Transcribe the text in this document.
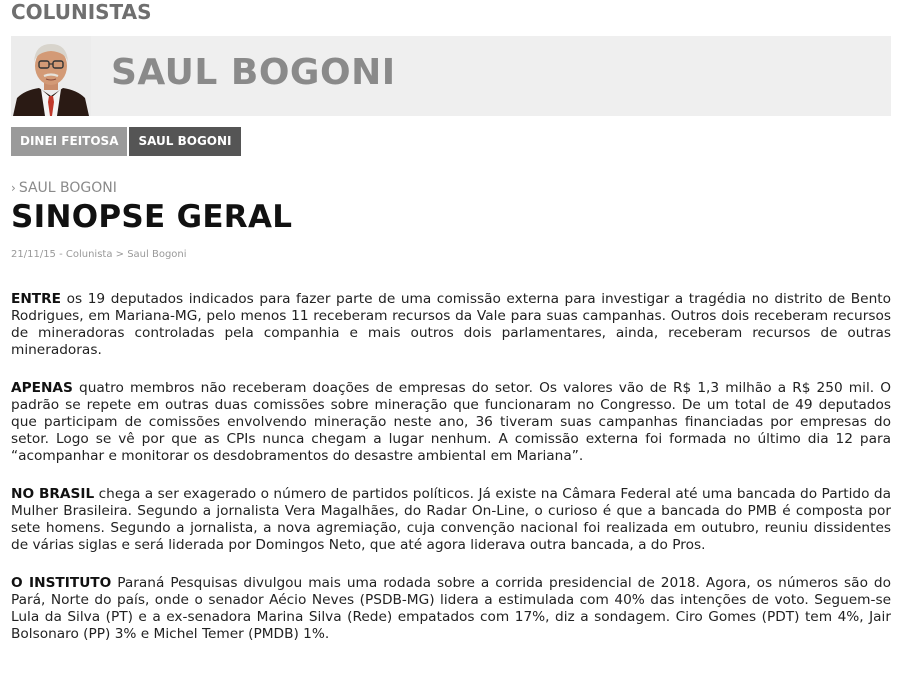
COLUNISTAS
SAUL BOGONI
DINEI FEITOSA	SAUL BOGONI
› SAUL BOGONI
SINOPSE GERAL
21/11/15 - Colunista > Saul Bogoni

ENTRE os 19 deputados indicados para fazer parte de uma comissão externa para investigar a tragédia no distrito de Bento Rodrigues, em Mariana-MG, pelo menos 11 receberam recursos da Vale para suas campanhas. Outros dois receberam recursos de mineradoras controladas pela companhia e mais outros dois parlamentares, ainda, receberam recursos de outras mineradoras.

APENAS quatro membros não receberam doações de empresas do setor. Os valores vão de R$ 1,3 milhão a R$ 250 mil. O padrão se repete em outras duas comissões sobre mineração que funcionaram no Congresso. De um total de 49 deputados que participam de comissões envolvendo mineração neste ano, 36 tiveram suas campanhas financiadas por empresas do setor. Logo se vê por que as CPIs nunca chegam a lugar nenhum. A comissão externa foi formada no último dia 12 para “acompanhar e monitorar os desdobramentos do desastre ambiental em Mariana”.

NO BRASIL chega a ser exagerado o número de partidos políticos. Já existe na Câmara Federal até uma bancada do Partido da Mulher Brasileira. Segundo a jornalista Vera Magalhães, do Radar On-Line, o curioso é que a bancada do PMB é composta por sete homens. Segundo a jornalista, a nova agremiação, cuja convenção nacional foi realizada em outubro, reuniu dissidentes de várias siglas e será liderada por Domingos Neto, que até agora liderava outra bancada, a do Pros.

O INSTITUTO Paraná Pesquisas divulgou mais uma rodada sobre a corrida presidencial de 2018. Agora, os números são do Pará, Norte do país, onde o senador Aécio Neves (PSDB-MG) lidera a estimulada com 40% das intenções de voto. Seguem-se Lula da Silva (PT) e a ex-senadora Marina Silva (Rede) empatados com 17%, diz a sondagem. Ciro Gomes (PDT) tem 4%, Jair Bolsonaro (PP) 3% e Michel Temer (PMDB) 1%.
